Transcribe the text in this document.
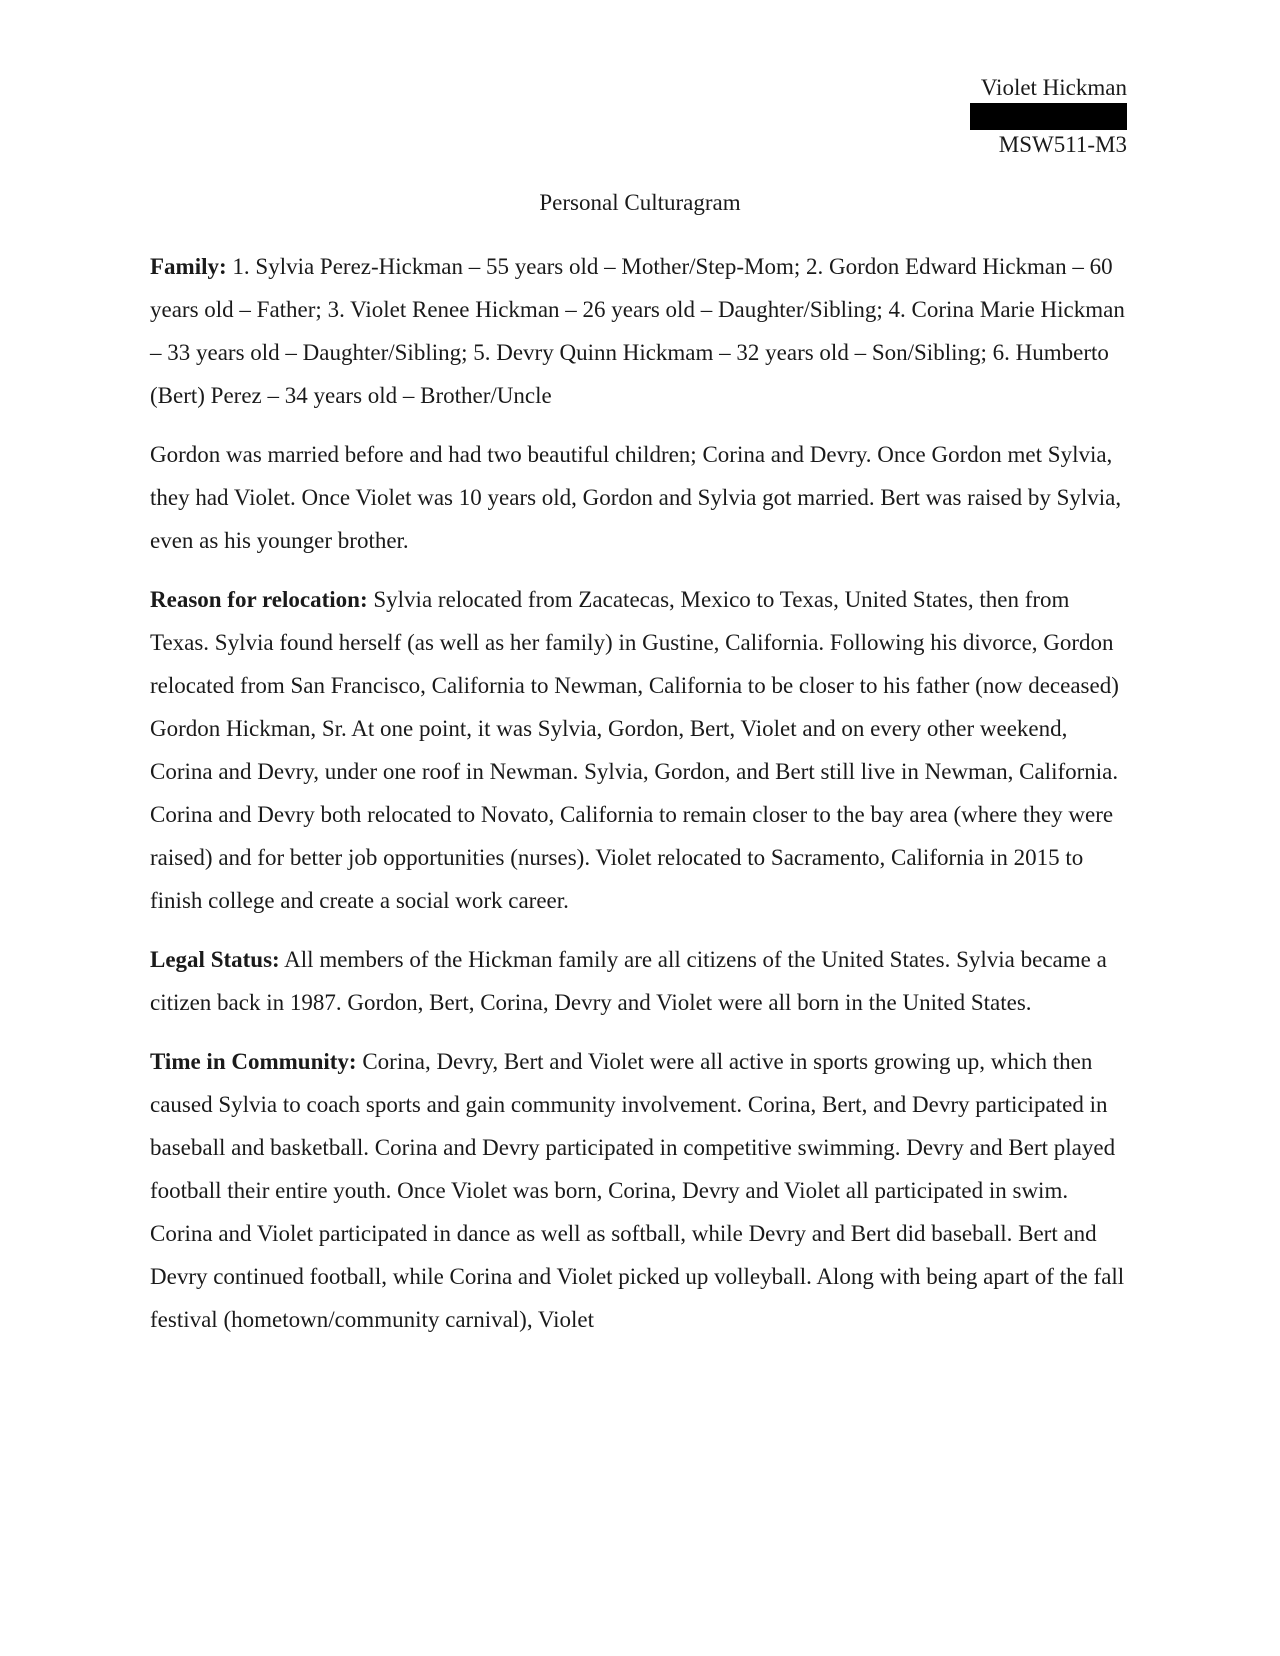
Violet Hickman
MSW511-M3
Personal Culturagram

Family: 1. Sylvia Perez-Hickman – 55 years old – Mother/Step-Mom; 2. Gordon Edward Hickman – 60 years old – Father; 3. Violet Renee Hickman – 26 years old – Daughter/Sibling; 4. Corina Marie Hickman – 33 years old – Daughter/Sibling; 5. Devry Quinn Hickmam – 32 years old – Son/Sibling; 6. Humberto (Bert) Perez – 34 years old – Brother/Uncle

Gordon was married before and had two beautiful children; Corina and Devry. Once Gordon met Sylvia, they had Violet. Once Violet was 10 years old, Gordon and Sylvia got married. Bert was raised by Sylvia, even as his younger brother.

Reason for relocation: Sylvia relocated from Zacatecas, Mexico to Texas, United States, then from Texas. Sylvia found herself (as well as her family) in Gustine, California. Following his divorce, Gordon relocated from San Francisco, California to Newman, California to be closer to his father (now deceased) Gordon Hickman, Sr. At one point, it was Sylvia, Gordon, Bert, Violet and on every other weekend, Corina and Devry, under one roof in Newman. Sylvia, Gordon, and Bert still live in Newman, California. Corina and Devry both relocated to Novato, California to remain closer to the bay area (where they were raised) and for better job opportunities (nurses). Violet relocated to Sacramento, California in 2015 to finish college and create a social work career.

Legal Status: All members of the Hickman family are all citizens of the United States. Sylvia became a citizen back in 1987. Gordon, Bert, Corina, Devry and Violet were all born in the United States.

Time in Community: Corina, Devry, Bert and Violet were all active in sports growing up, which then caused Sylvia to coach sports and gain community involvement. Corina, Bert, and Devry participated in baseball and basketball. Corina and Devry participated in competitive swimming. Devry and Bert played football their entire youth. Once Violet was born, Corina, Devry and Violet all participated in swim. Corina and Violet participated in dance as well as softball, while Devry and Bert did baseball. Bert and Devry continued football, while Corina and Violet picked up volleyball. Along with being apart of the fall festival (hometown/community carnival), Violet
